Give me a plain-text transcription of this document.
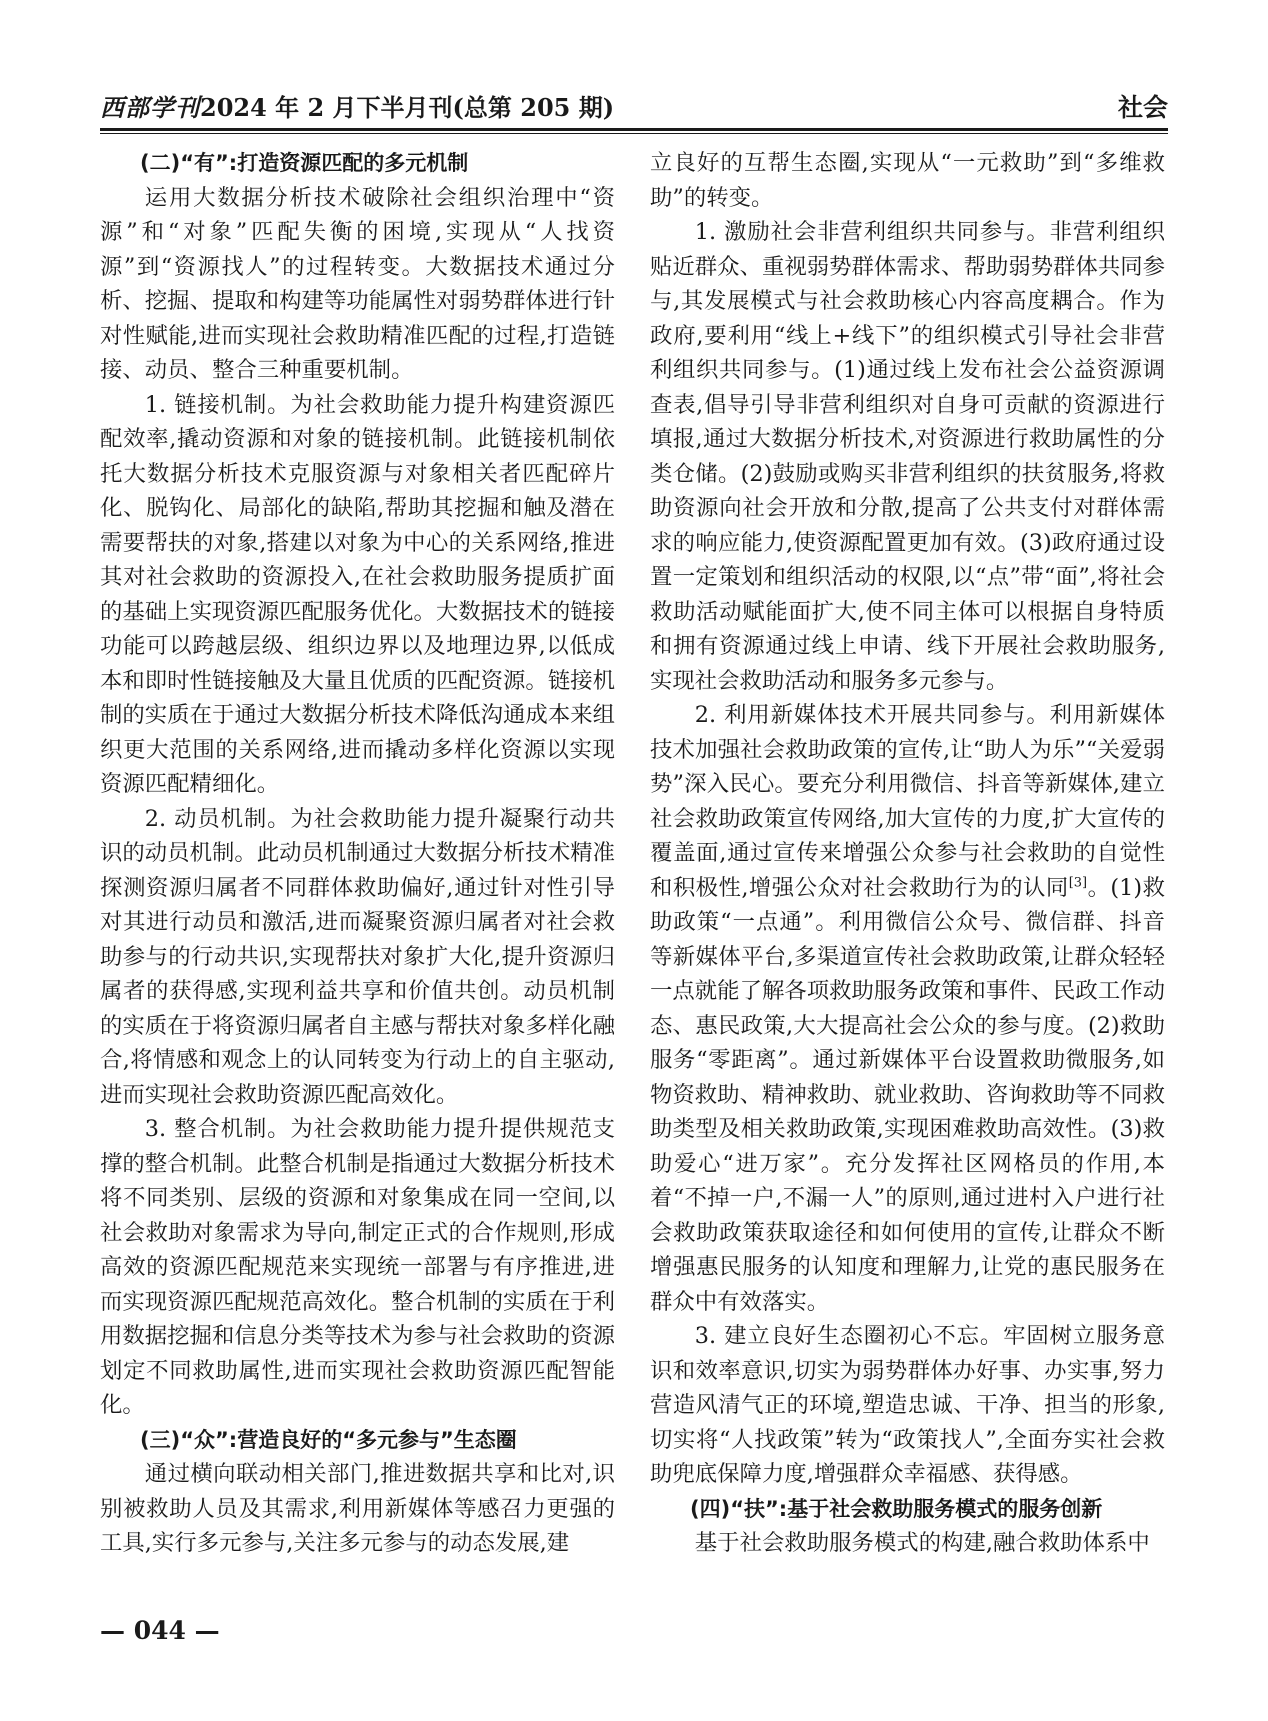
西部学刊2024 年 2 月下半月刊(总第 205 期)	社会
(二)“有”:打造资源匹配的多元机制

运用大数据分析技术破除社会组织治理中“资源”和“对象”匹配失衡的困境,实现从“人找资源”到“资源找人”的过程转变。大数据技术通过分析、挖掘、提取和构建等功能属性对弱势群体进行针对性赋能,进而实现社会救助精准匹配的过程,打造链接、动员、整合三种重要机制。

1. 链接机制。为社会救助能力提升构建资源匹配效率,撬动资源和对象的链接机制。此链接机制依托大数据分析技术克服资源与对象相关者匹配碎片化、脱钩化、局部化的缺陷,帮助其挖掘和触及潜在需要帮扶的对象,搭建以对象为中心的关系网络,推进其对社会救助的资源投入,在社会救助服务提质扩面的基础上实现资源匹配服务优化。大数据技术的链接功能可以跨越层级、组织边界以及地理边界,以低成本和即时性链接触及大量且优质的匹配资源。链接机制的实质在于通过大数据分析技术降低沟通成本来组织更大范围的关系网络,进而撬动多样化资源以实现资源匹配精细化。

2. 动员机制。为社会救助能力提升凝聚行动共识的动员机制。此动员机制通过大数据分析技术精准探测资源归属者不同群体救助偏好,通过针对性引导对其进行动员和激活,进而凝聚资源归属者对社会救助参与的行动共识,实现帮扶对象扩大化,提升资源归属者的获得感,实现利益共享和价值共创。动员机制的实质在于将资源归属者自主感与帮扶对象多样化融合,将情感和观念上的认同转变为行动上的自主驱动,进而实现社会救助资源匹配高效化。

3. 整合机制。为社会救助能力提升提供规范支撑的整合机制。此整合机制是指通过大数据分析技术将不同类别、层级的资源和对象集成在同一空间,以社会救助对象需求为导向,制定正式的合作规则,形成高效的资源匹配规范来实现统一部署与有序推进,进而实现资源匹配规范高效化。整合机制的实质在于利用数据挖掘和信息分类等技术为参与社会救助的资源划定不同救助属性,进而实现社会救助资源匹配智能化。

(三)“众”:营造良好的“多元参与”生态圈

通过横向联动相关部门,推进数据共享和比对,识别被救助人员及其需求,利用新媒体等感召力更强的工具,实行多元参与,关注多元参与的动态发展,建

立良好的互帮生态圈,实现从“一元救助”到“多维救助”的转变。

1. 激励社会非营利组织共同参与。非营利组织贴近群众、重视弱势群体需求、帮助弱势群体共同参与,其发展模式与社会救助核心内容高度耦合。作为政府,要利用“线上+线下”的组织模式引导社会非营利组织共同参与。(1)通过线上发布社会公益资源调查表,倡导引导非营利组织对自身可贡献的资源进行填报,通过大数据分析技术,对资源进行救助属性的分类仓储。(2)鼓励或购买非营利组织的扶贫服务,将救助资源向社会开放和分散,提高了公共支付对群体需求的响应能力,使资源配置更加有效。(3)政府通过设置一定策划和组织活动的权限,以“点”带“面”,将社会救助活动赋能面扩大,使不同主体可以根据自身特质和拥有资源通过线上申请、线下开展社会救助服务,实现社会救助活动和服务多元参与。

2. 利用新媒体技术开展共同参与。利用新媒体技术加强社会救助政策的宣传,让“助人为乐”“关爱弱势”深入民心。要充分利用微信、抖音等新媒体,建立社会救助政策宣传网络,加大宣传的力度,扩大宣传的覆盖面,通过宣传来增强公众参与社会救助的自觉性和积极性,增强公众对社会救助行为的认同[3]。(1)救助政策“一点通”。利用微信公众号、微信群、抖音等新媒体平台,多渠道宣传社会救助政策,让群众轻轻一点就能了解各项救助服务政策和事件、民政工作动态、惠民政策,大大提高社会公众的参与度。(2)救助服务“零距离”。通过新媒体平台设置救助微服务,如物资救助、精神救助、就业救助、咨询救助等不同救助类型及相关救助政策,实现困难救助高效性。(3)救助爱心“进万家”。充分发挥社区网格员的作用,本着“不掉一户,不漏一人”的原则,通过进村入户进行社会救助政策获取途径和如何使用的宣传,让群众不断增强惠民服务的认知度和理解力,让党的惠民服务在群众中有效落实。

3. 建立良好生态圈初心不忘。牢固树立服务意识和效率意识,切实为弱势群体办好事、办实事,努力营造风清气正的环境,塑造忠诚、干净、担当的形象,切实将“人找政策”转为“政策找人”,全面夯实社会救助兜底保障力度,增强群众幸福感、获得感。

(四)“扶”:基于社会救助服务模式的服务创新

基于社会救助服务模式的构建,融合救助体系中

— 044 —
